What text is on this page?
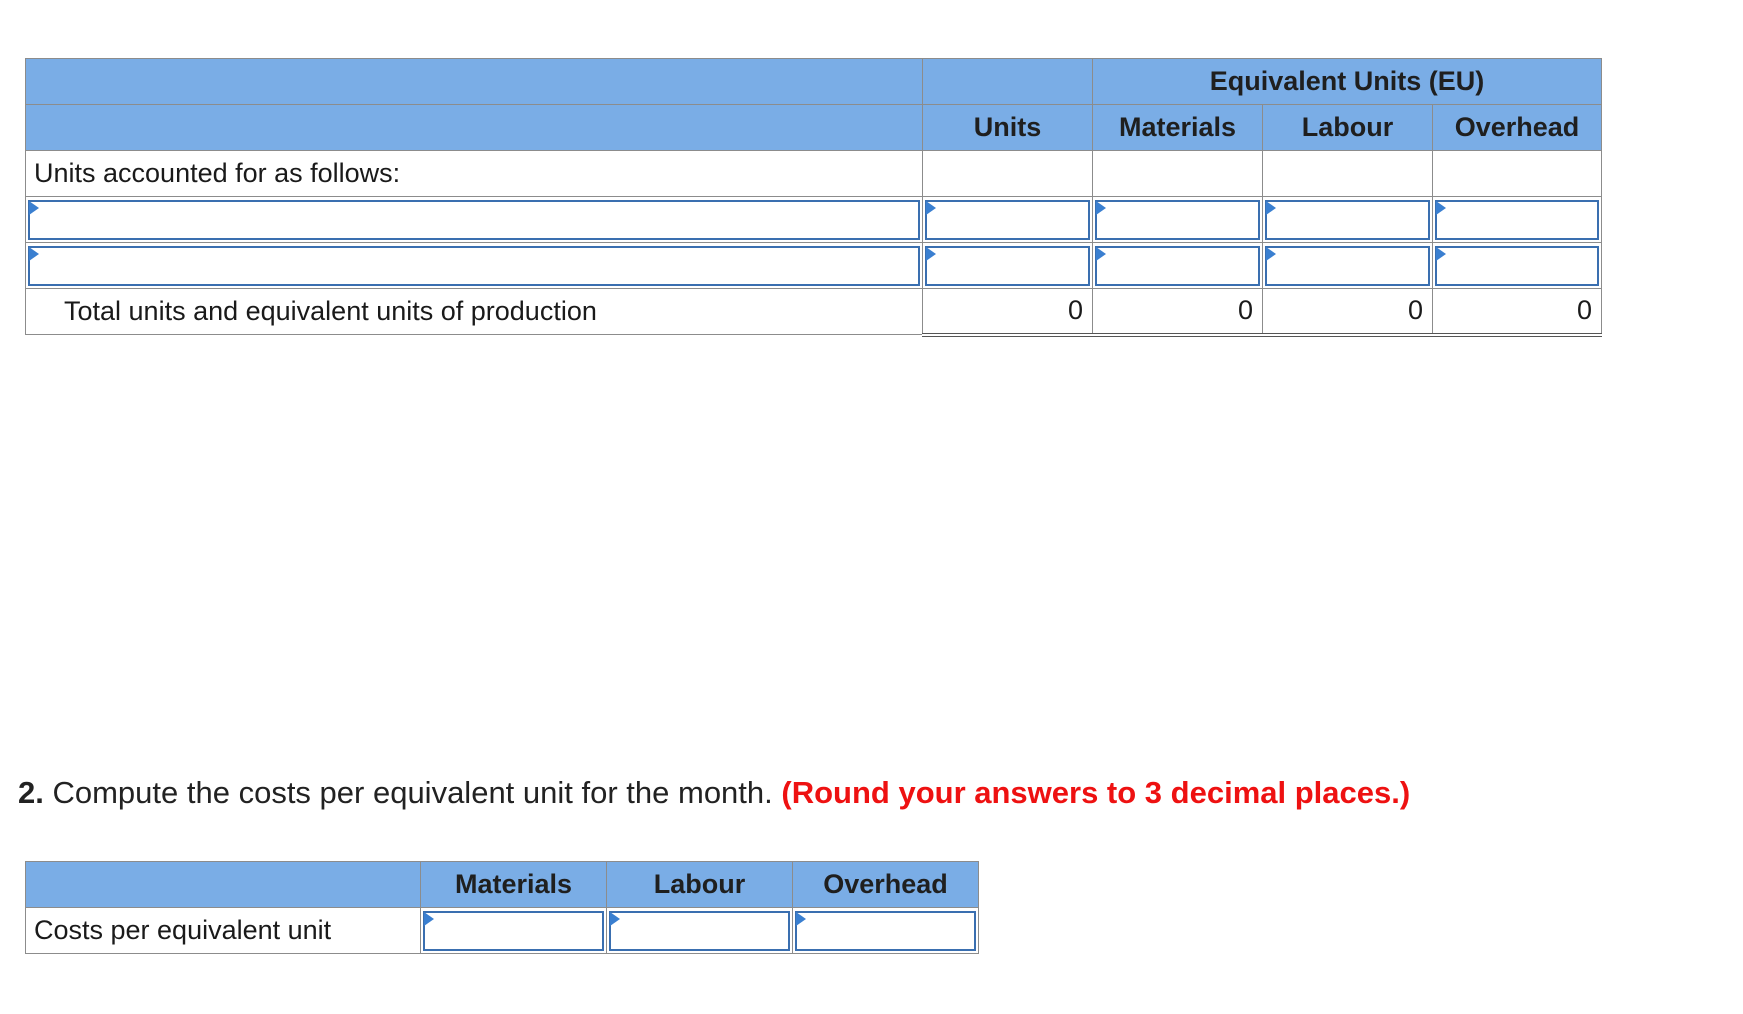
		Equivalent Units (EU)		
	Units	Materials	Labour	Overhead
Units accounted for as follows:				

Total units and equivalent units of production	0	0	0	0
2. Compute the costs per equivalent unit for the month. (Round your answers to 3 decimal places.)
	Materials	Labour	Overhead
Costs per equivalent unit	
